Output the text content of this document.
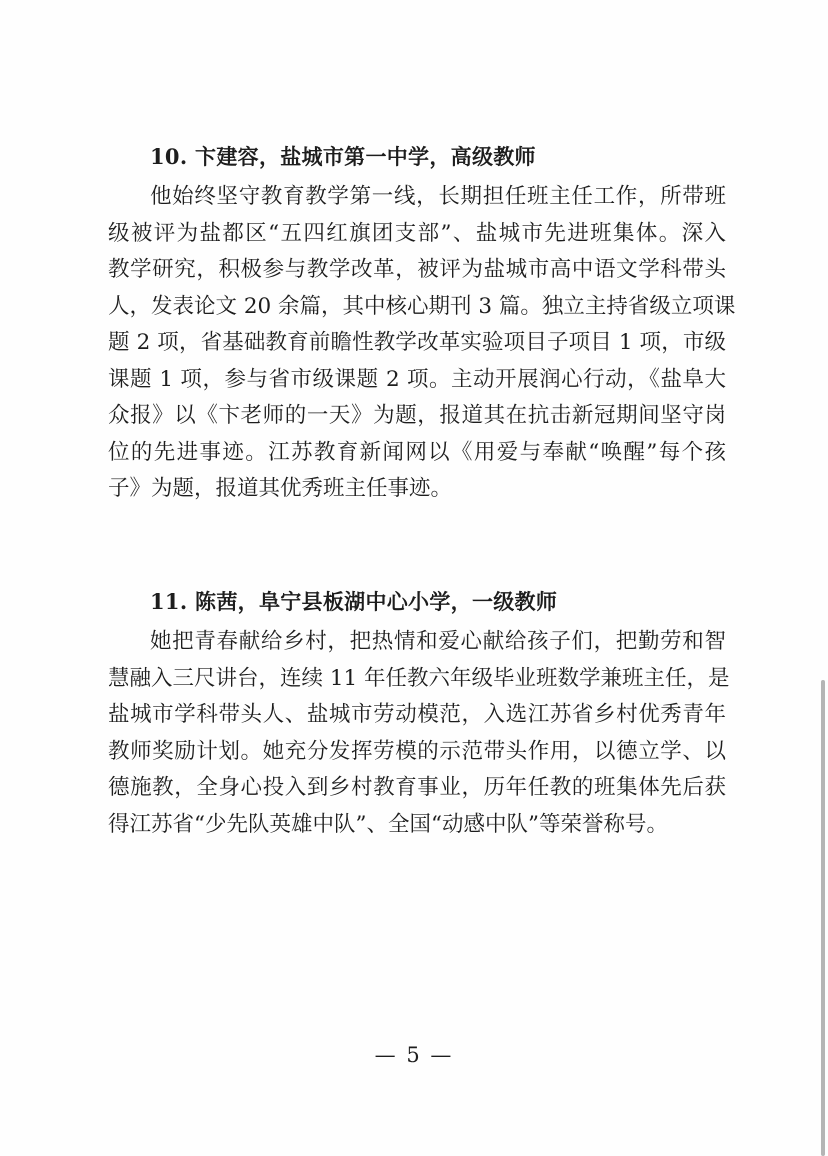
10. 卞建容，盐城市第一中学，高级教师
他始终坚守教育教学第一线，长期担任班主任工作，所带班
级被评为盐都区“五四红旗团支部”、盐城市先进班集体。深入
教学研究，积极参与教学改革，被评为盐城市高中语文学科带头
人，发表论文 20 余篇，其中核心期刊 3 篇。独立主持省级立项课
题 2 项，省基础教育前瞻性教学改革实验项目子项目 1 项，市级
课题 1 项，参与省市级课题 2 项。主动开展润心行动，《盐阜大
众报》以《卞老师的一天》为题，报道其在抗击新冠期间坚守岗
位的先进事迹。江苏教育新闻网以《用爱与奉献“唤醒”每个孩
子》为题，报道其优秀班主任事迹。
11. 陈茜，阜宁县板湖中心小学，一级教师
她把青春献给乡村，把热情和爱心献给孩子们，把勤劳和智
慧融入三尺讲台，连续 11 年任教六年级毕业班数学兼班主任，是
盐城市学科带头人、盐城市劳动模范，入选江苏省乡村优秀青年
教师奖励计划。她充分发挥劳模的示范带头作用，以德立学、以
德施教，全身心投入到乡村教育事业，历年任教的班集体先后获
得江苏省“少先队英雄中队”、全国“动感中队”等荣誉称号。
— 5 —
